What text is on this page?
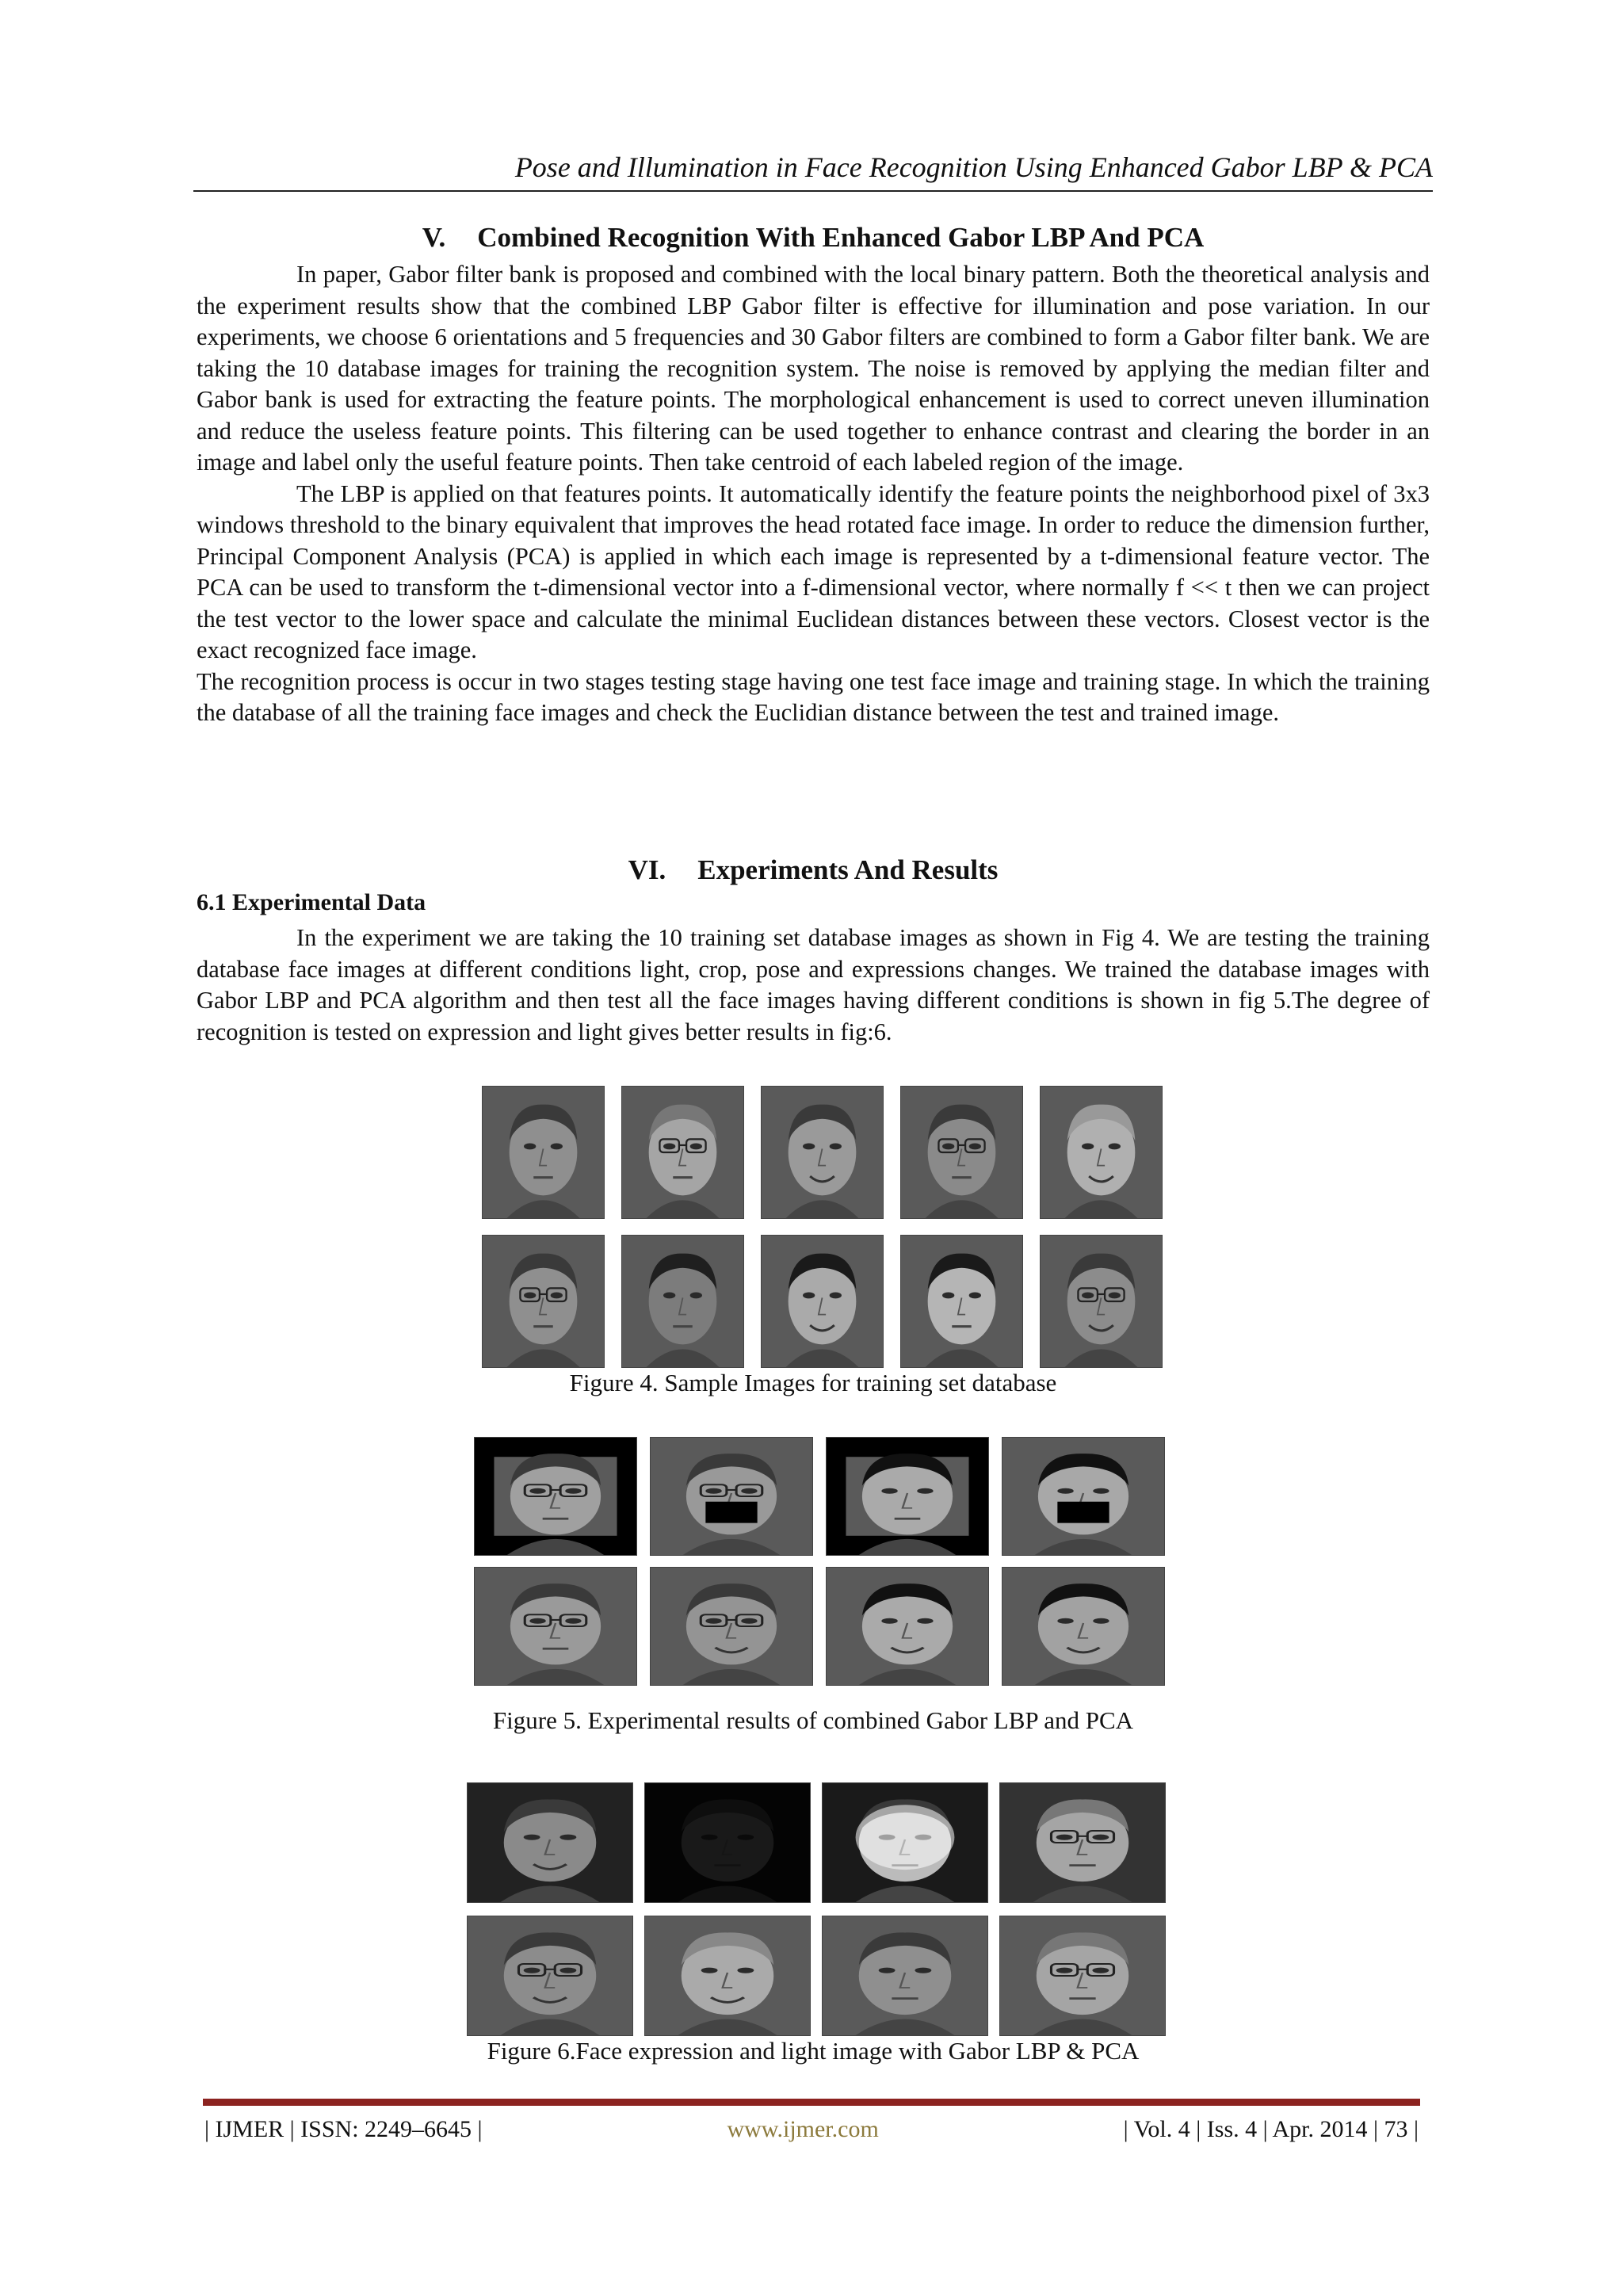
Pose and Illumination in Face Recognition Using Enhanced Gabor LBP & PCA
V. Combined Recognition With Enhanced Gabor LBP And PCA

In paper, Gabor filter bank is proposed and combined with the local binary pattern. Both the theoretical analysis and the experiment results show that the combined LBP Gabor filter is effective for illumination and pose variation. In our experiments, we choose 6 orientations and 5 frequencies and 30 Gabor filters are combined to form a Gabor filter bank. We are taking the 10 database images for training the recognition system. The noise is removed by applying the median filter and Gabor bank is used for extracting the feature points. The morphological enhancement is used to correct uneven illumination and reduce the useless feature points. This filtering can be used together to enhance contrast and clearing the border in an image and label only the useful feature points. Then take centroid of each labeled region of the image.

The LBP is applied on that features points. It automatically identify the feature points the neighborhood pixel of 3x3 windows threshold to the binary equivalent that improves the head rotated face image. In order to reduce the dimension further, Principal Component Analysis (PCA) is applied in which each image is represented by a t-dimensional feature vector. The PCA can be used to transform the t-dimensional vector into a f-dimensional vector, where normally f << t then we can project the test vector to the lower space and calculate the minimal Euclidean distances between these vectors. Closest vector is the exact recognized face image.

The recognition process is occur in two stages testing stage having one test face image and training stage. In which the training the database of all the training face images and check the Euclidian distance between the test and trained image.

VI. Experiments And Results
6.1 Experimental Data

In the experiment we are taking the 10 training set database images as shown in Fig 4. We are testing the training database face images at different conditions light, crop, pose and expressions changes. We trained the database images with Gabor LBP and PCA algorithm and then test all the face images having different conditions is shown in fig 5.The degree of recognition is tested on expression and light gives better results in fig:6.

Figure 4. Sample Images for training set database
Figure 5. Experimental results of combined Gabor LBP and PCA
Figure 6.Face expression and light image with Gabor LBP & PCA
| IJMER | ISSN: 2249–6645 |	www.ijmer.com	| Vol. 4 | Iss. 4 | Apr. 2014 | 73 |
